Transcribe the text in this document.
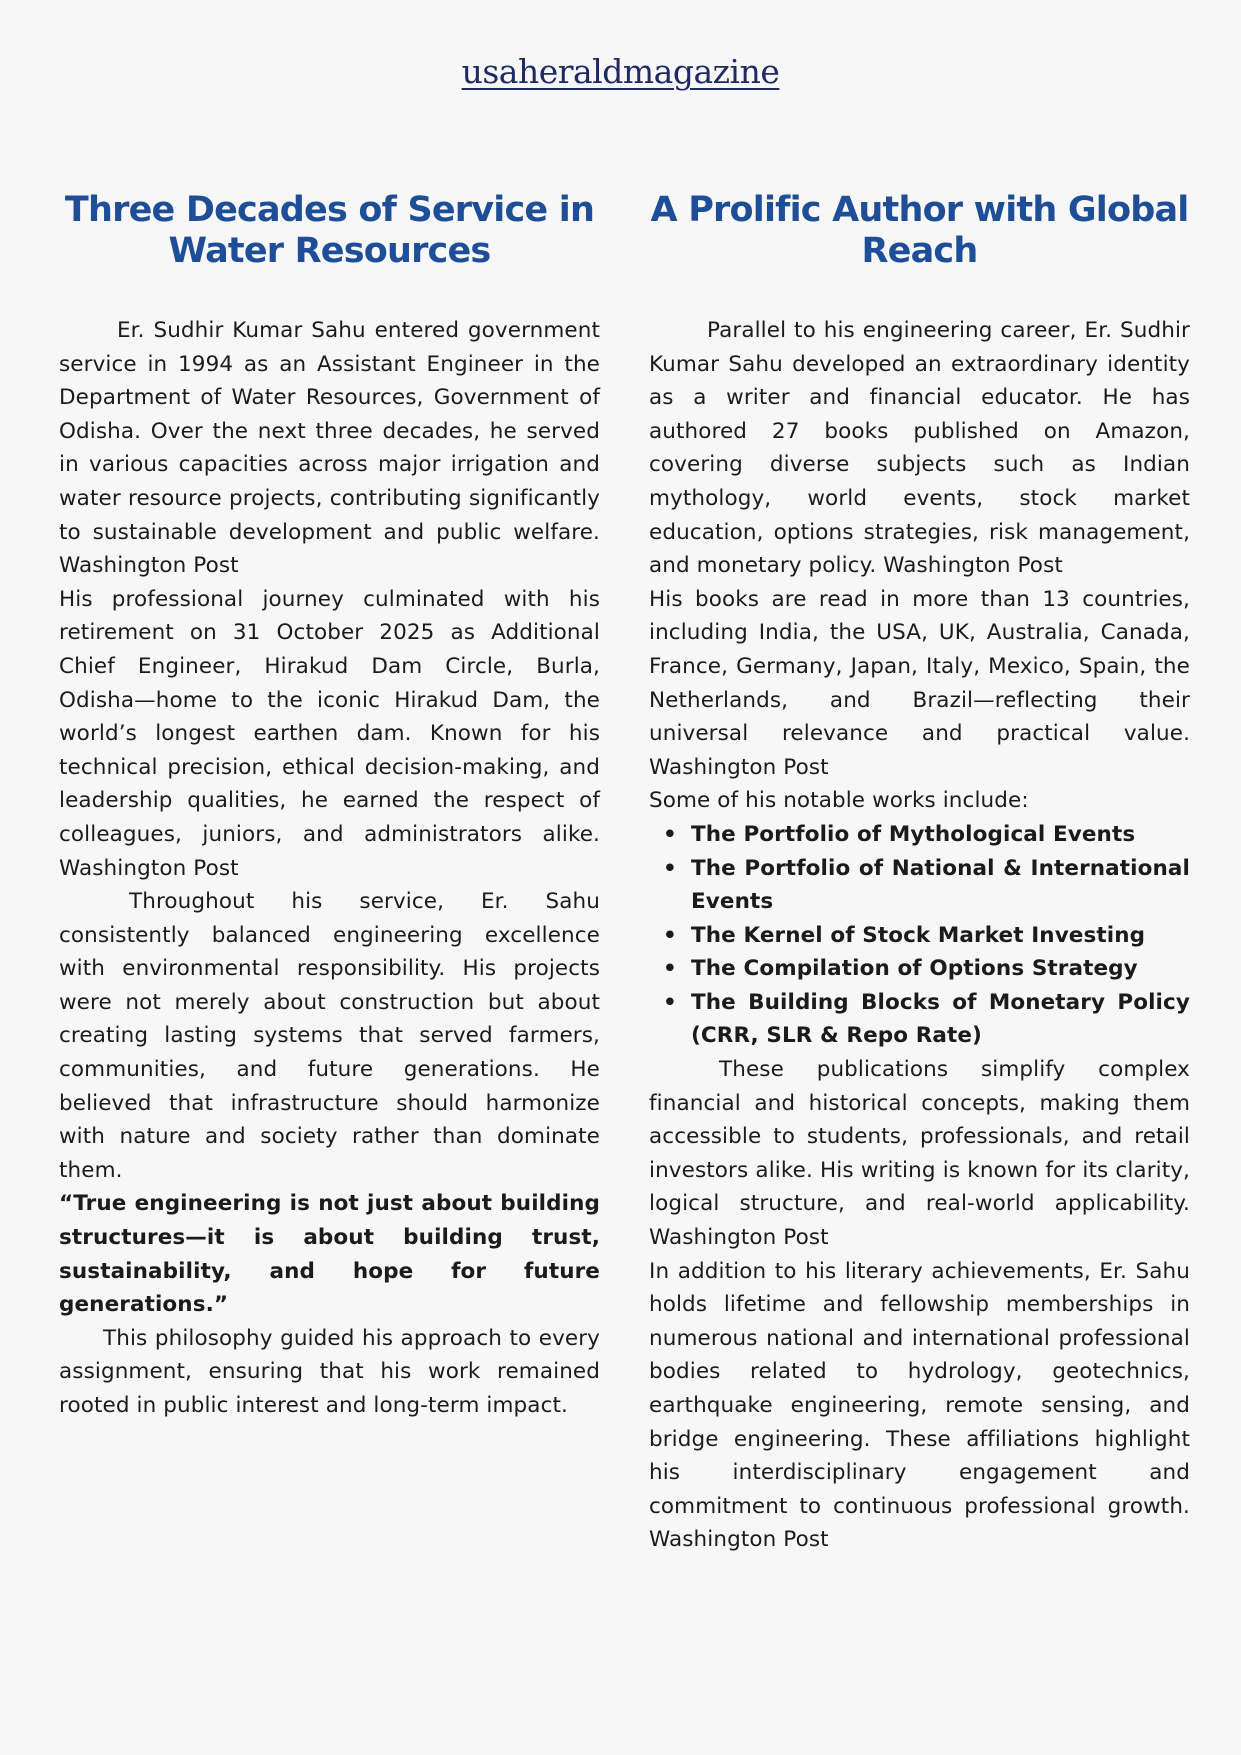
usaheraldmagazine
Three Decades of Service in Water Resources

Er. Sudhir Kumar Sahu entered government service in 1994 as an Assistant Engineer in the Department of Water Resources, Government of Odisha. Over the next three decades, he served in various capacities across major irrigation and water resource projects, contributing significantly to sustainable development and public welfare. Washington Post

His professional journey culminated with his retirement on 31 October 2025 as Additional Chief Engineer, Hirakud Dam Circle, Burla, Odisha—home to the iconic Hirakud Dam, the world’s longest earthen dam. Known for his technical precision, ethical decision-making, and leadership qualities, he earned the respect of colleagues, juniors, and administrators alike. Washington Post

Throughout his service, Er. Sahu consistently balanced engineering excellence with environmental responsibility. His projects were not merely about construction but about creating lasting systems that served farmers, communities, and future generations. He believed that infrastructure should harmonize with nature and society rather than dominate them.

“True engineering is not just about building structures—it is about building trust, sustainability, and hope for future generations.”

This philosophy guided his approach to every assignment, ensuring that his work remained rooted in public interest and long-term impact.

A Prolific Author with Global Reach

Parallel to his engineering career, Er. Sudhir Kumar Sahu developed an extraordinary identity as a writer and financial educator. He has authored 27 books published on Amazon, covering diverse subjects such as Indian mythology, world events, stock market education, options strategies, risk management, and monetary policy. Washington Post

His books are read in more than 13 countries, including India, the USA, UK, Australia, Canada, France, Germany, Japan, Italy, Mexico, Spain, the Netherlands, and Brazil—reflecting their universal relevance and practical value. Washington Post

Some of his notable works include:

• The Portfolio of Mythological Events
• The Portfolio of National & International Events
• The Kernel of Stock Market Investing
• The Compilation of Options Strategy
• The Building Blocks of Monetary Policy (CRR, SLR & Repo Rate)

These publications simplify complex financial and historical concepts, making them accessible to students, professionals, and retail investors alike. His writing is known for its clarity, logical structure, and real-world applicability. Washington Post

In addition to his literary achievements, Er. Sahu holds lifetime and fellowship memberships in numerous national and international professional bodies related to hydrology, geotechnics, earthquake engineering, remote sensing, and bridge engineering. These affiliations highlight his interdisciplinary engagement and commitment to continuous professional growth. Washington Post
